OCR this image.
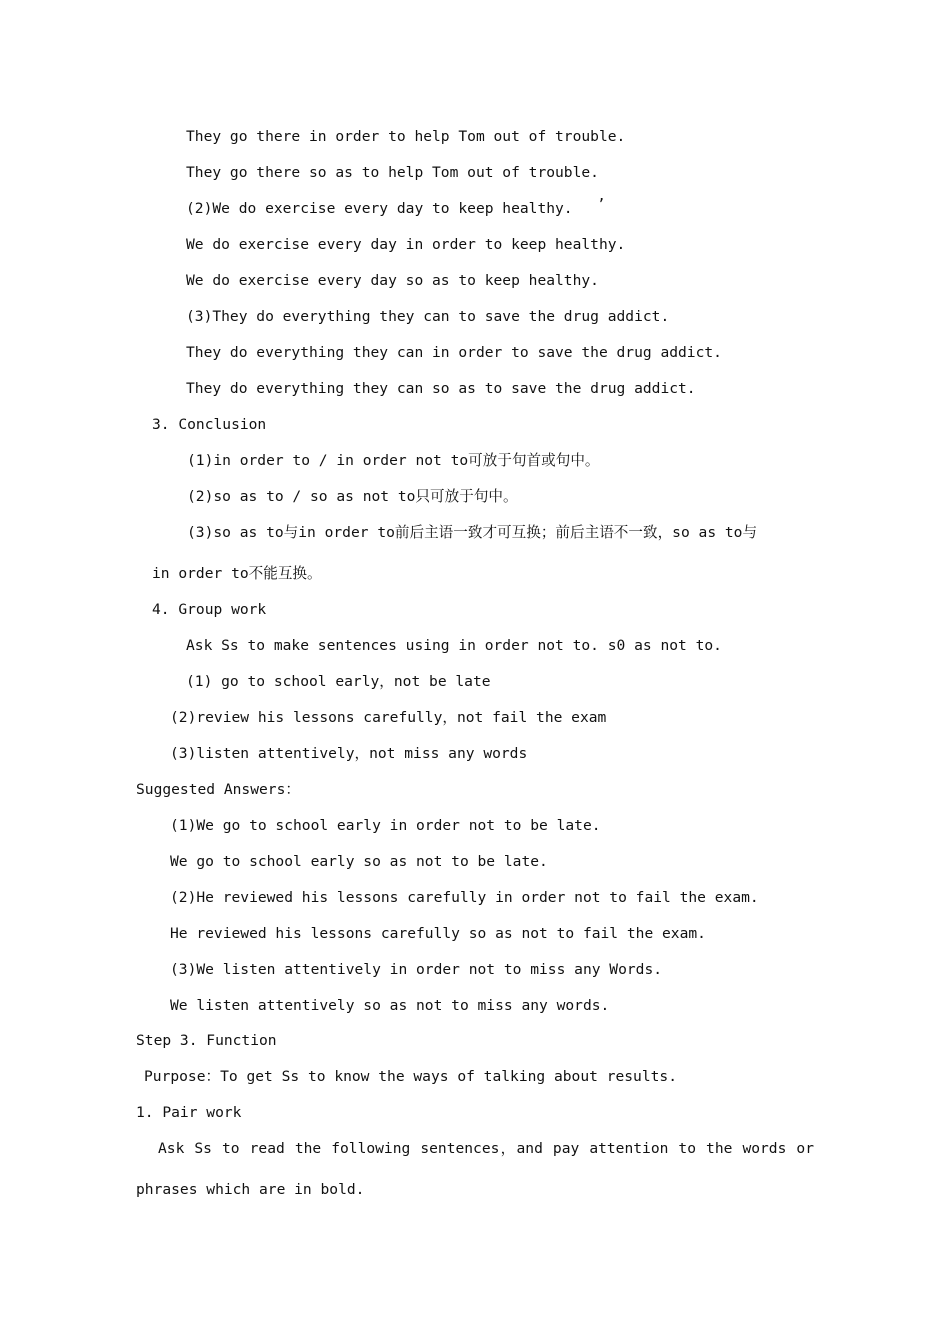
They go there in order to help Tom out of trouble.
They go there so as to help Tom out of trouble.
(2)We do exercise every day to keep healthy. ’
We do exercise every day in order to keep healthy.
We do exercise every day so as to keep healthy.
(3)They do everything they can to save the drug addict.
They do everything they can in order to save the drug addict.
They do everything they can so as to save the drug addict.
3. Conclusion
(1)in order to / in order not to可放于句首或句中。
(2)so as to / so as not to只可放于句中。
(3)so as to与in order to前后主语一致才可互换；前后主语不一致，so as to与
in order to不能互换。
4. Group work
Ask Ss to make sentences using in order not to. s0 as not to.
(1) go to school early，not be late
(2)review his lessons carefully，not fail the exam
(3)listen attentively，not miss any words
Suggested Answers：
(1)We go to school early in order not to be late.
We go to school early so as not to be late.
(2)He reviewed his lessons carefully in order not to fail the exam.
He reviewed his lessons carefully so as not to fail the exam.
(3)We listen attentively in order not to miss any Words.
We listen attentively so as not to miss any words.
Step 3. Function
Purpose：To get Ss to know the ways of talking about results.
1. Pair work
Ask Ss to read the following sentences，and pay attention to the words or
phrases which are in bold.
